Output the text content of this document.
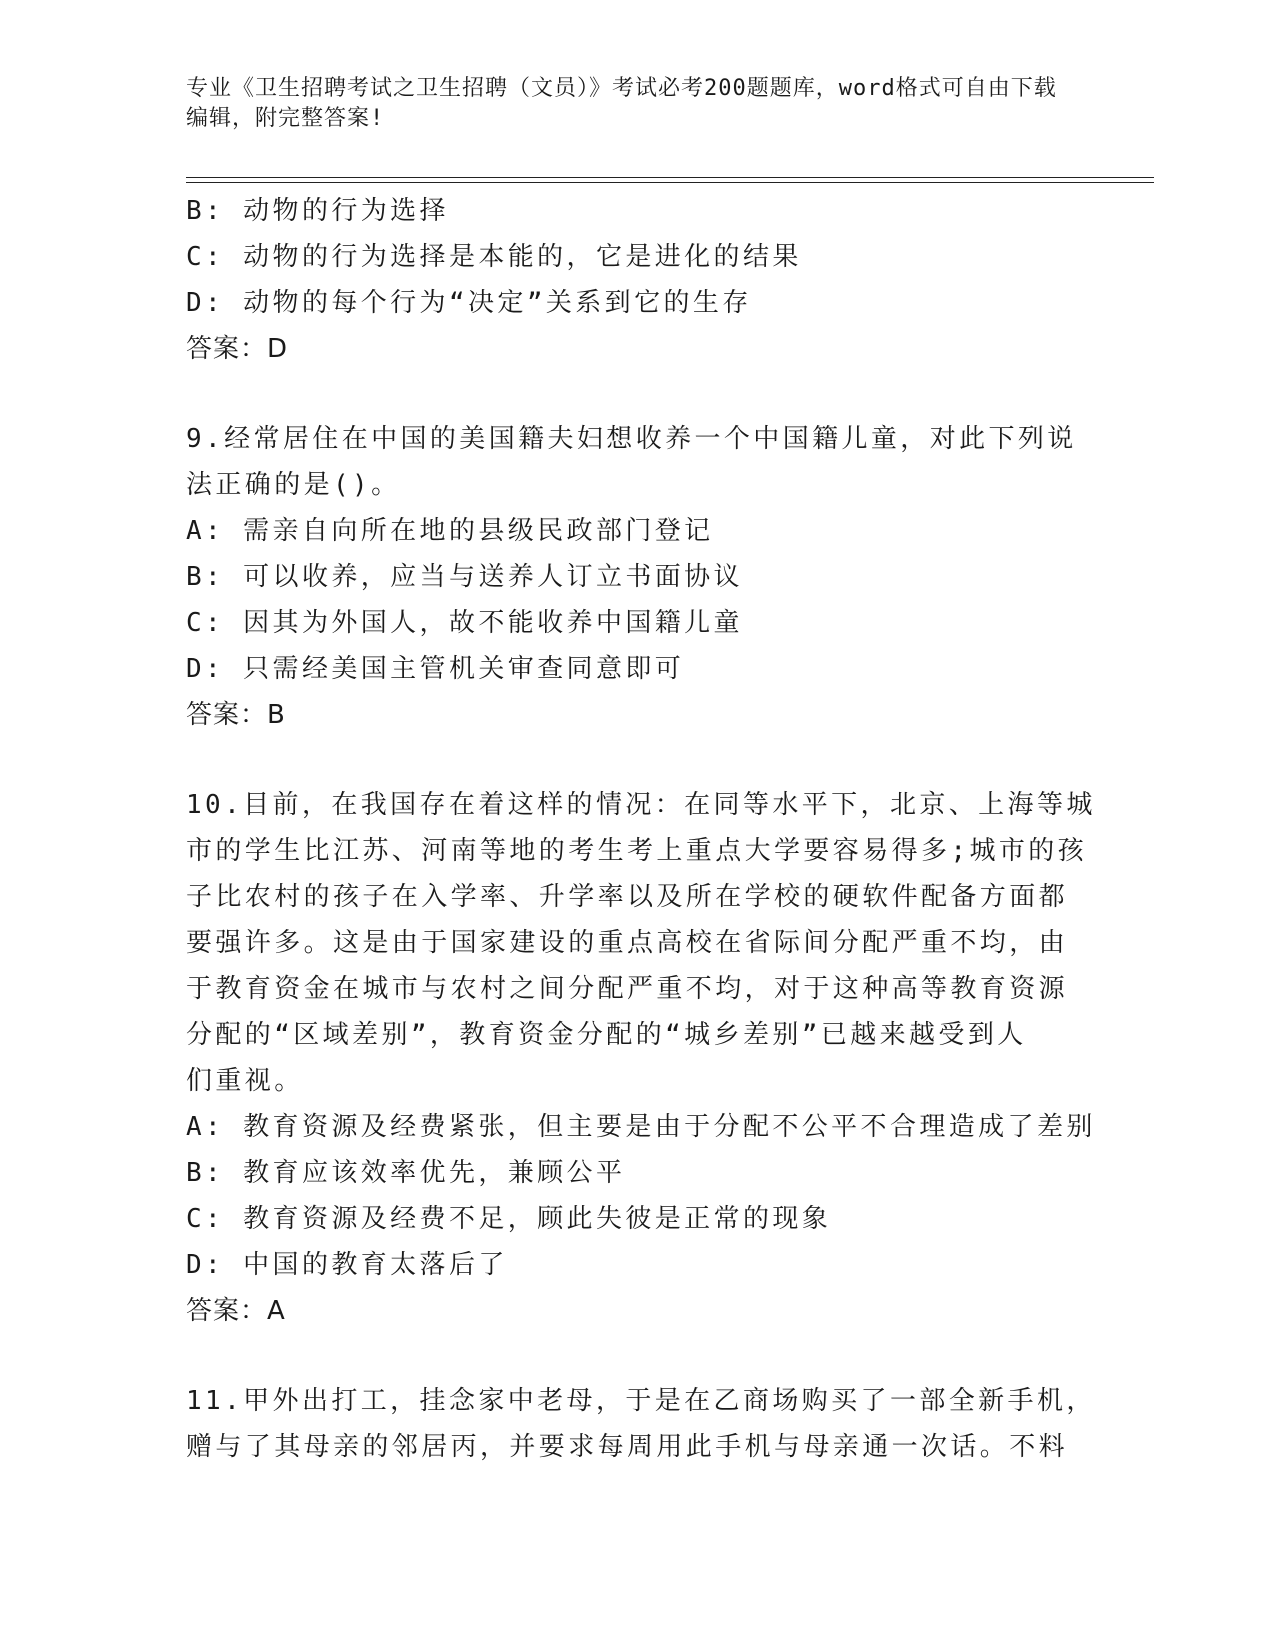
专业《卫生招聘考试之卫生招聘（文员）》考试必考200题题库，word格式可自由下载编辑，附完整答案!
B: 动物的行为选择
C: 动物的行为选择是本能的，它是进化的结果
D: 动物的每个行为“决定”关系到它的生存
答案：D
9.经常居住在中国的美国籍夫妇想收养一个中国籍儿童，对此下列说
法正确的是()。
A: 需亲自向所在地的县级民政部门登记
B: 可以收养，应当与送养人订立书面协议
C: 因其为外国人，故不能收养中国籍儿童
D: 只需经美国主管机关审查同意即可
答案：B
10.目前，在我国存在着这样的情况：在同等水平下，北京、上海等城
市的学生比江苏、河南等地的考生考上重点大学要容易得多;城市的孩
子比农村的孩子在入学率、升学率以及所在学校的硬软件配备方面都
要强许多。这是由于国家建设的重点高校在省际间分配严重不均，由
于教育资金在城市与农村之间分配严重不均，对于这种高等教育资源
分配的“区域差别”，教育资金分配的“城乡差别”已越来越受到人
们重视。
A: 教育资源及经费紧张，但主要是由于分配不公平不合理造成了差别
B: 教育应该效率优先，兼顾公平
C: 教育资源及经费不足，顾此失彼是正常的现象
D: 中国的教育太落后了
答案：A
11.甲外出打工，挂念家中老母，于是在乙商场购买了一部全新手机，
赠与了其母亲的邻居丙，并要求每周用此手机与母亲通一次话。不料
